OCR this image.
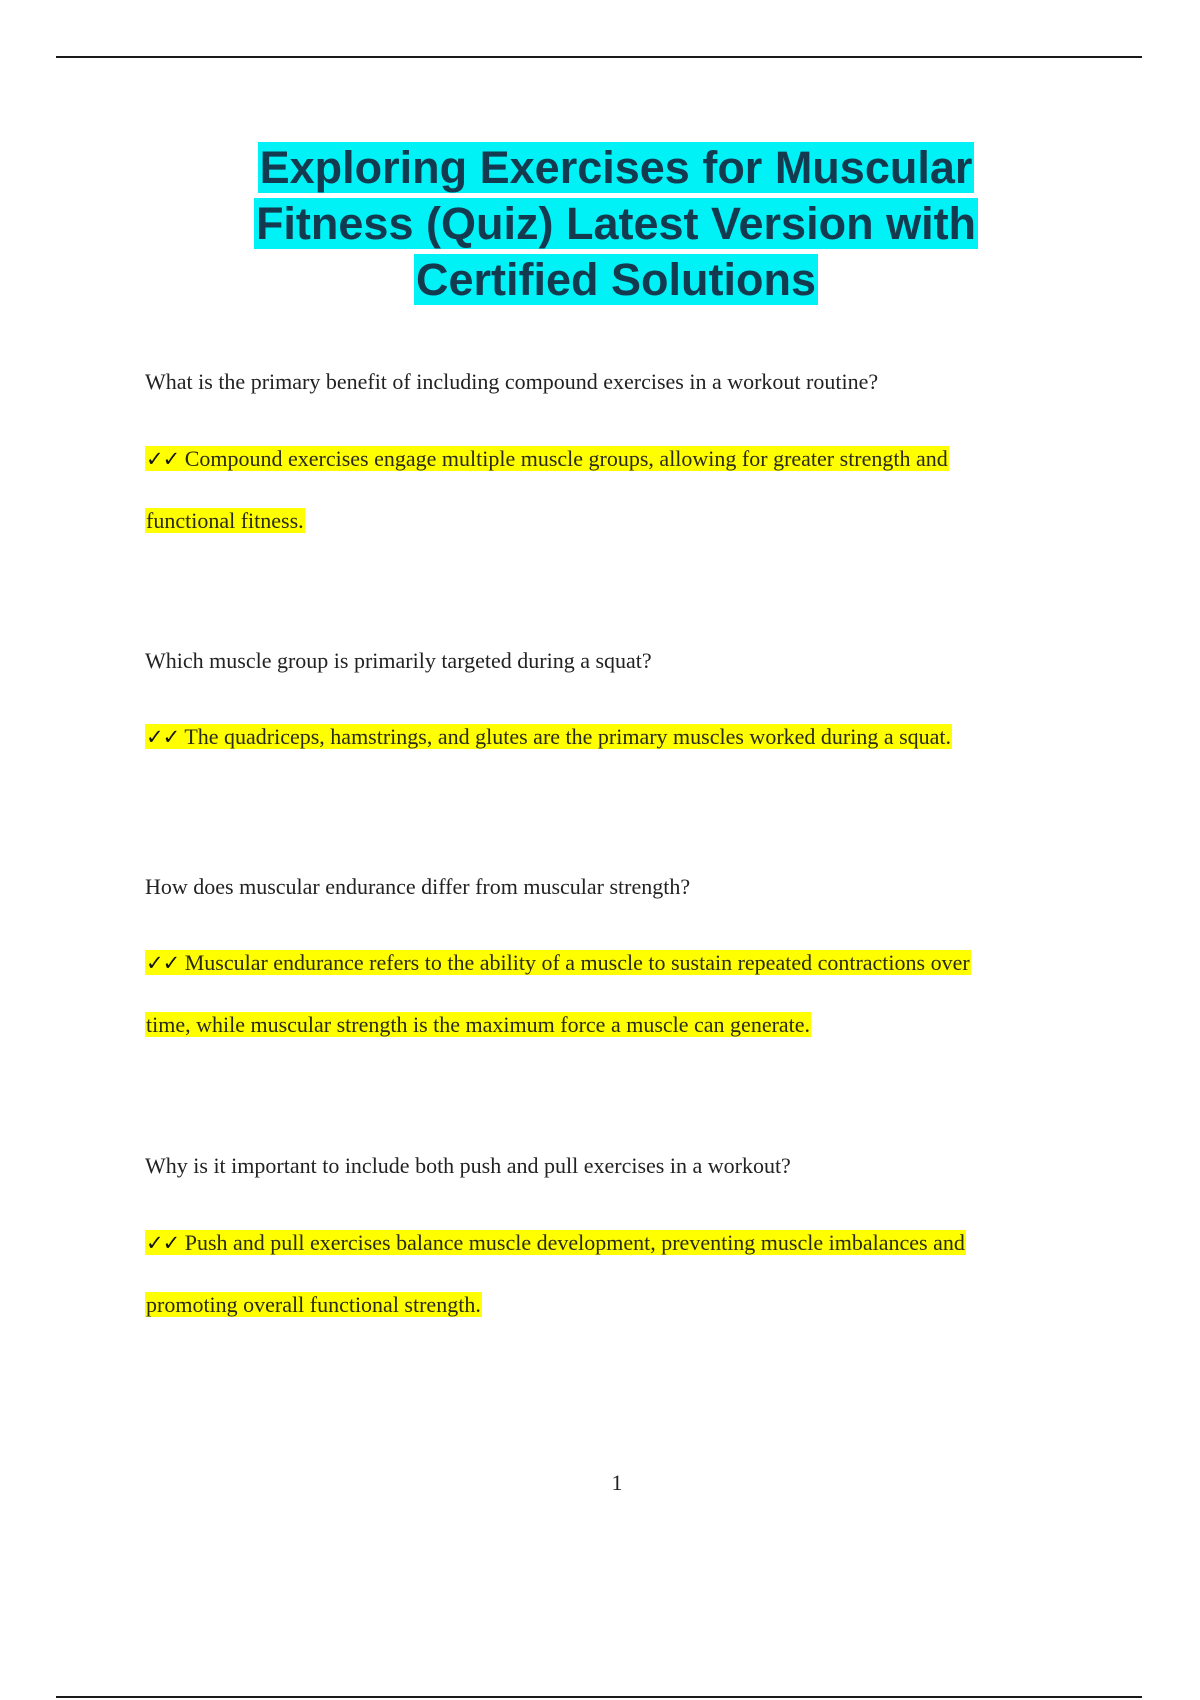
Exploring Exercises for Muscular
Fitness (Quiz) Latest Version with
Certified Solutions

What is the primary benefit of including compound exercises in a workout routine?

✓✓ Compound exercises engage multiple muscle groups, allowing for greater strength and
functional fitness.

Which muscle group is primarily targeted during a squat?

✓✓ The quadriceps, hamstrings, and glutes are the primary muscles worked during a squat.

How does muscular endurance differ from muscular strength?

✓✓ Muscular endurance refers to the ability of a muscle to sustain repeated contractions over
time, while muscular strength is the maximum force a muscle can generate.

Why is it important to include both push and pull exercises in a workout?

✓✓ Push and pull exercises balance muscle development, preventing muscle imbalances and
promoting overall functional strength.

1
